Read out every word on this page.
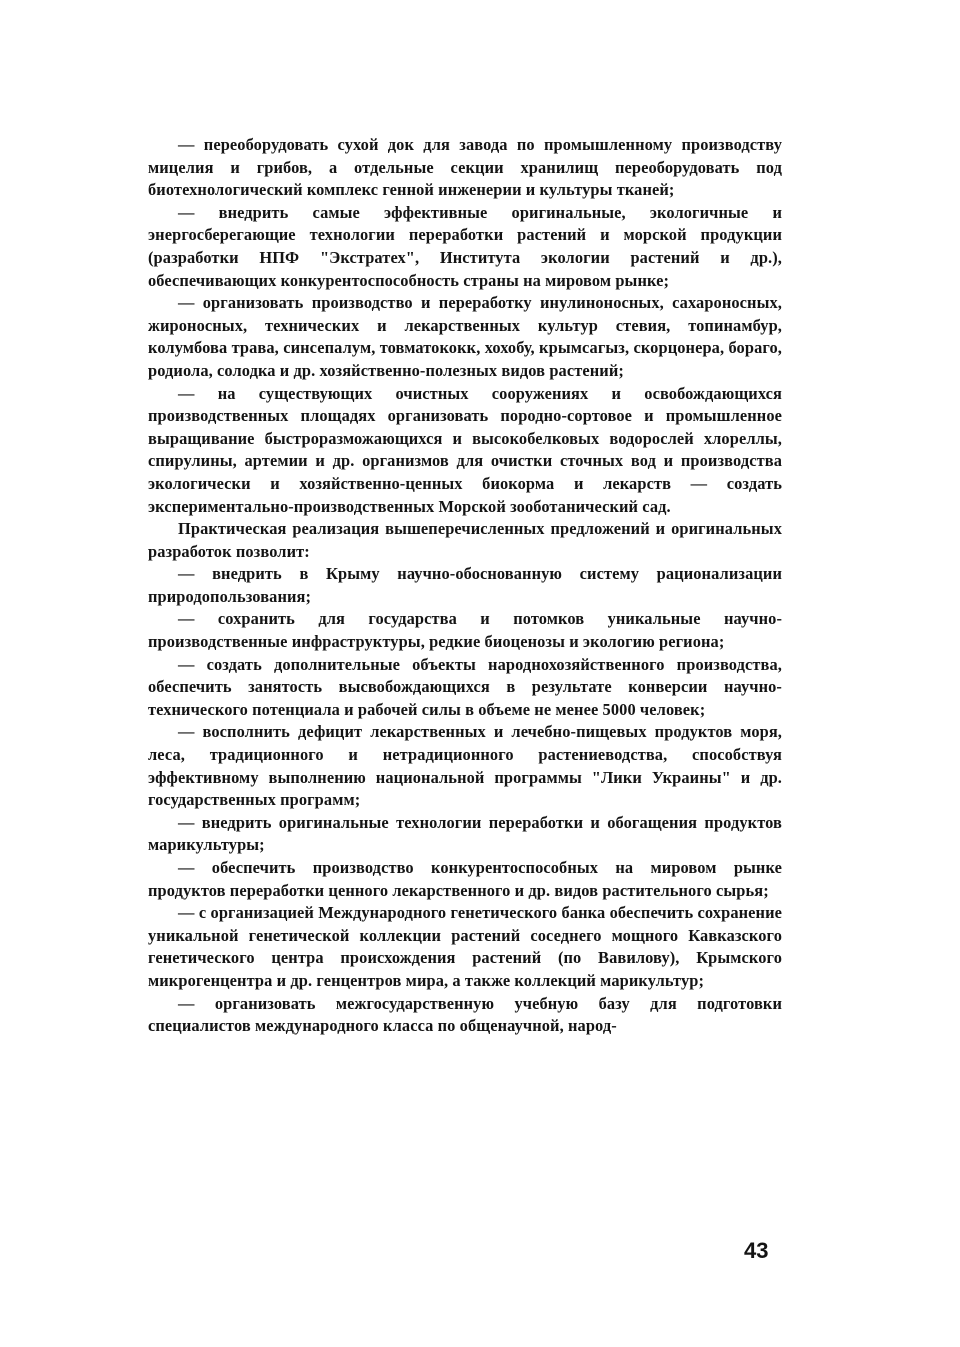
— переоборудовать сухой док для завода по промышленному производству мицелия и грибов, а отдельные секции хранилищ переоборудовать под биотехнологический комплекс генной инженерии и культуры тканей;

— внедрить самые эффективные оригинальные, экологичные и энергосберегающие технологии переработки растений и морской продукции (разработки НПФ "Экстратех", Института экологии растений и др.), обеспечивающих конкурентоспособность страны на мировом рынке;

— организовать производство и переработку инулиноносных, сахароносных, жироносных, технических и лекарственных культур стевия, топинамбур, колумбова трава, синсепалум, товматококк, хохобу, крымсагыз, скорцонера, бораго, родиола, солодка и др. хозяйственно-полезных видов растений;

— на существующих очистных сооружениях и освобождающихся производственных площадях организовать породно-сортовое и промышленное выращивание быстроразможающихся и высокобелковых водорослей хлореллы, спирулины, артемии и др. организмов для очистки сточных вод и производства экологически и хозяйственно-ценных биокорма и лекарств — создать экспериментально-производственных Морской зооботанический сад.

Практическая реализация вышеперечисленных предложений и оригинальных разработок позволит:

— внедрить в Крыму научно-обоснованную систему рационализации природопользования;

— сохранить для государства и потомков уникальные научно-производственные инфраструктуры, редкие биоценозы и экологию региона;

— создать дополнительные объекты народнохозяйственного производства, обеспечить занятость высвобождающихся в результате конверсии научно-технического потенциала и рабочей силы в объеме не менее 5000 человек;

— восполнить дефицит лекарственных и лечебно-пищевых продуктов моря, леса, традиционного и нетрадиционного растениеводства, способствуя эффективному выполнению национальной программы "Лики Украины" и др. государственных программ;

— внедрить оригинальные технологии переработки и обогащения продуктов марикультуры;

— обеспечить производство конкурентоспособных на мировом рынке продуктов переработки ценного лекарственного и др. видов растительного сырья;

— с организацией Международного генетического банка обеспечить сохранение уникальной генетической коллекции растений соседнего мощного Кавказского генетического центра происхождения растений (по Вавилову), Крымского микрогенцентра и др. генцентров мира, а также коллекций марикультур;

— организовать межгосударственную учебную базу для подготовки специалистов международного класса по общенаучной, народ-

43
